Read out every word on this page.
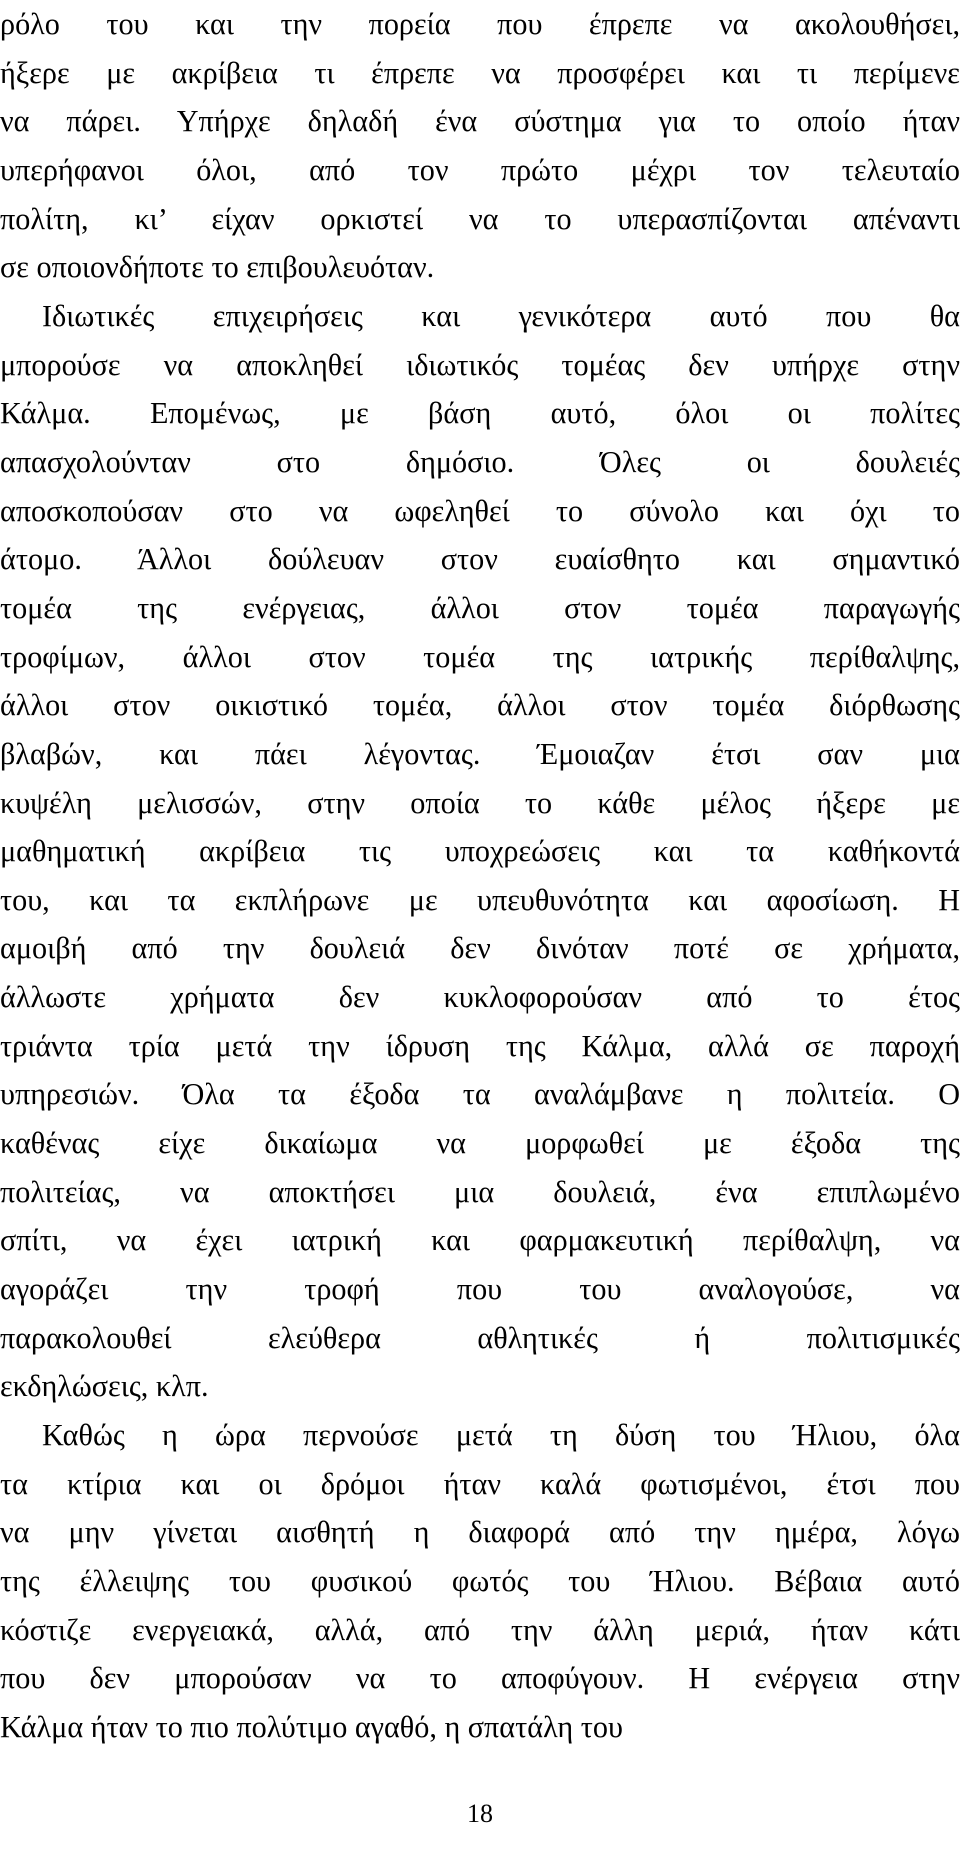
ρόλο του και την πορεία που έπρεπε να ακολουθήσει,
ήξερε με ακρίβεια τι έπρεπε να προσφέρει και τι περίμενε
να πάρει. Υπήρχε δηλαδή ένα σύστημα για το οποίο ήταν
υπερήφανοι όλοι, από τον πρώτο μέχρι τον τελευταίο
πολίτη, κι’ είχαν ορκιστεί να το υπερασπίζονται απέναντι
σε οποιονδήποτε το επιβουλευόταν.
Ιδιωτικές επιχειρήσεις και γενικότερα αυτό που θα
μπορούσε να αποκληθεί ιδιωτικός τομέας δεν υπήρχε στην
Κάλμα. Επομένως, με βάση αυτό, όλοι οι πολίτες
απασχολούνταν στο δημόσιο. Όλες οι δουλειές
αποσκοπούσαν στο να ωφεληθεί το σύνολο και όχι το
άτομο. Άλλοι δούλευαν στον ευαίσθητο και σημαντικό
τομέα της ενέργειας, άλλοι στον τομέα παραγωγής
τροφίμων, άλλοι στον τομέα της ιατρικής περίθαλψης,
άλλοι στον οικιστικό τομέα, άλλοι στον τομέα διόρθωσης
βλαβών, και πάει λέγοντας. Έμοιαζαν έτσι σαν μια
κυψέλη μελισσών, στην οποία το κάθε μέλος ήξερε με
μαθηματική ακρίβεια τις υποχρεώσεις και τα καθήκοντά
του, και τα εκπλήρωνε με υπευθυνότητα και αφοσίωση. Η
αμοιβή από την δουλειά δεν δινόταν ποτέ σε χρήματα,
άλλωστε χρήματα δεν κυκλοφορούσαν από το έτος
τριάντα τρία μετά την ίδρυση της Κάλμα, αλλά σε παροχή
υπηρεσιών. Όλα τα έξοδα τα αναλάμβανε η πολιτεία. Ο
καθένας είχε δικαίωμα να μορφωθεί με έξοδα της
πολιτείας, να αποκτήσει μια δουλειά, ένα επιπλωμένο
σπίτι, να έχει ιατρική και φαρμακευτική περίθαλψη, να
αγοράζει την τροφή που του αναλογούσε, να
παρακολουθεί ελεύθερα αθλητικές ή πολιτισμικές
εκδηλώσεις, κλπ.
Καθώς η ώρα περνούσε μετά τη δύση του Ήλιου, όλα
τα κτίρια και οι δρόμοι ήταν καλά φωτισμένοι, έτσι που
να μην γίνεται αισθητή η διαφορά από την ημέρα, λόγω
της έλλειψης του φυσικού φωτός του Ήλιου. Βέβαια αυτό
κόστιζε ενεργειακά, αλλά, από την άλλη μεριά, ήταν κάτι
που δεν μπορούσαν να το αποφύγουν. Η ενέργεια στην
Κάλμα ήταν το πιο πολύτιμο αγαθό, η σπατάλη του
18
